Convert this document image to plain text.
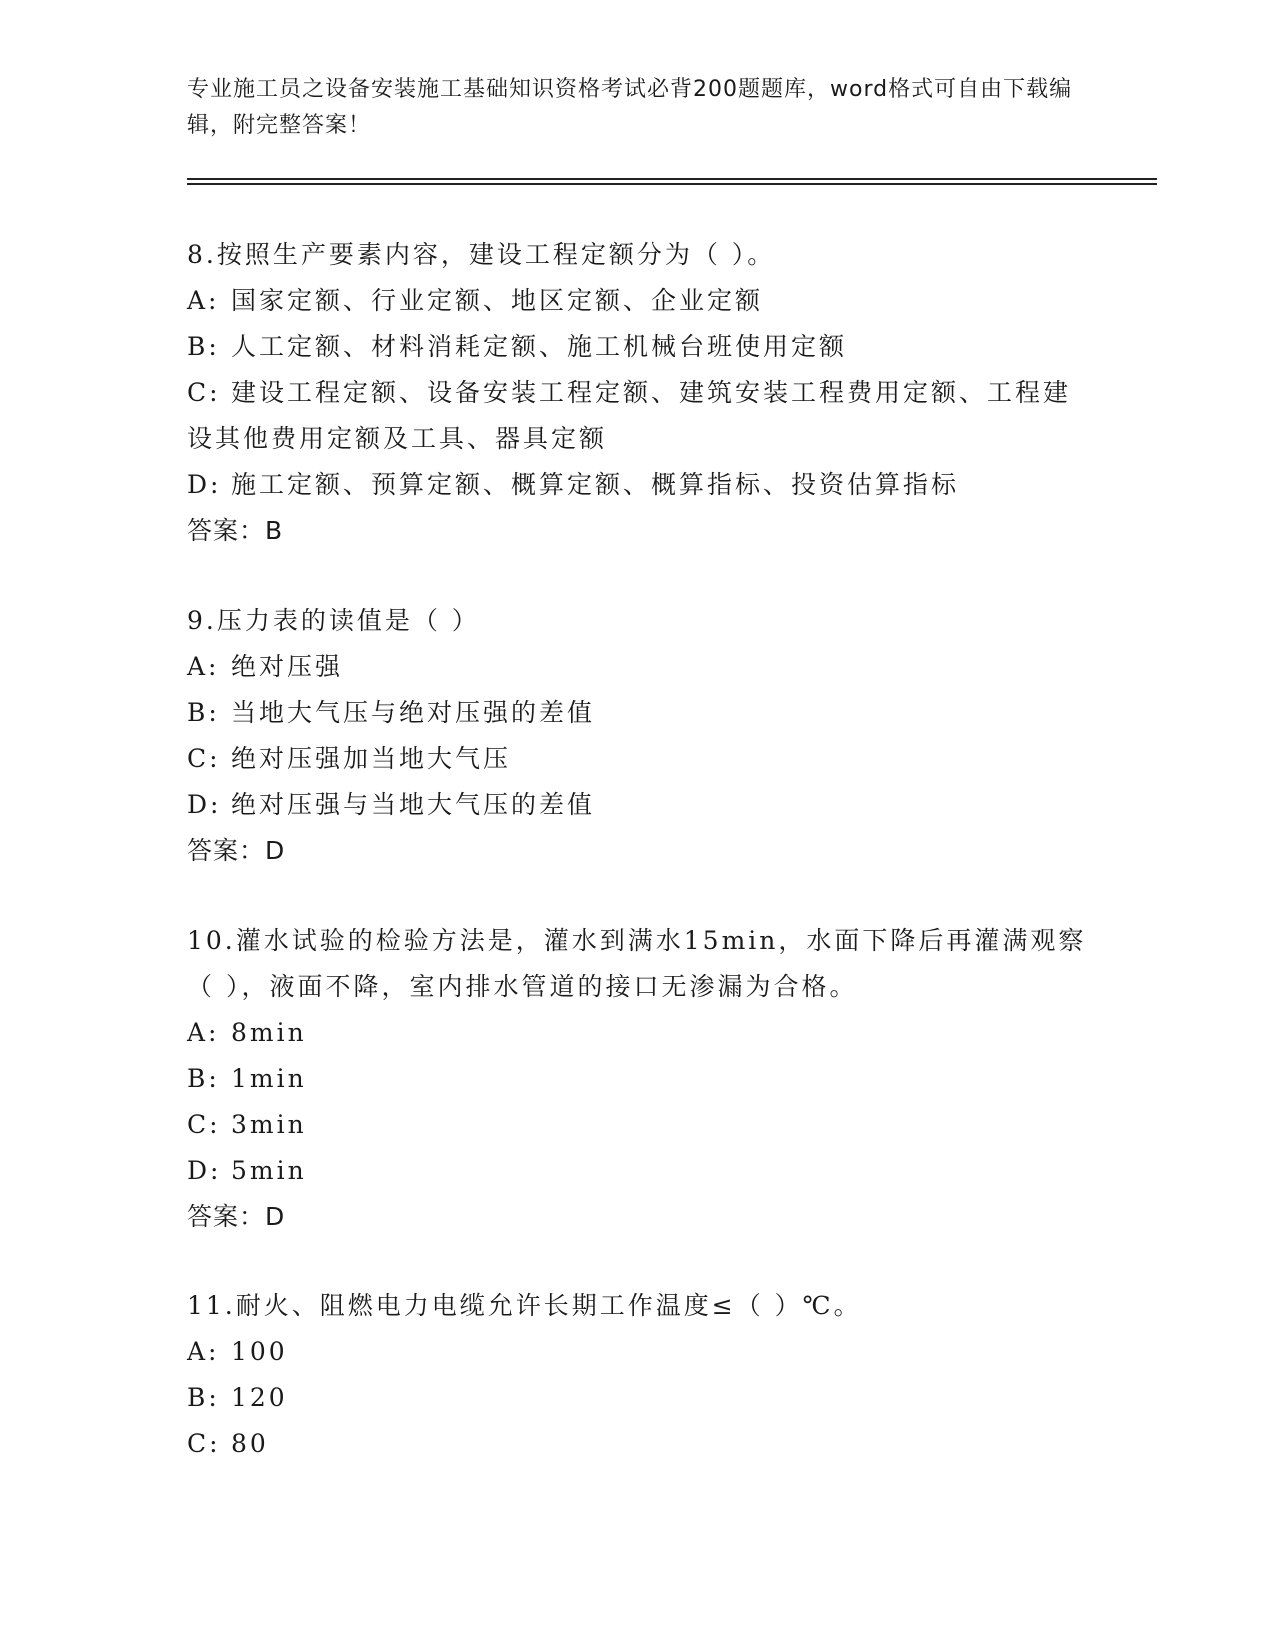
专业施工员之设备安装施工基础知识资格考试必背200题题库，word格式可自由下载编辑，附完整答案！
8.按照生产要素内容，建设工程定额分为（ ）。
A: 国家定额、行业定额、地区定额、企业定额
B: 人工定额、材料消耗定额、施工机械台班使用定额
C: 建设工程定额、设备安装工程定额、建筑安装工程费用定额、工程建设其他费用定额及工具、器具定额
D: 施工定额、预算定额、概算定额、概算指标、投资估算指标
答案：B
9.压力表的读值是（ ）
A: 绝对压强
B: 当地大气压与绝对压强的差值
C: 绝对压强加当地大气压
D: 绝对压强与当地大气压的差值
答案：D
10.灌水试验的检验方法是，灌水到满水15min，水面下降后再灌满观察（ ），液面不降，室内排水管道的接口无渗漏为合格。
A: 8min
B: 1min
C: 3min
D: 5min
答案：D
11.耐火、阻燃电力电缆允许长期工作温度≤（ ）℃。
A: 100
B: 120
C: 80
